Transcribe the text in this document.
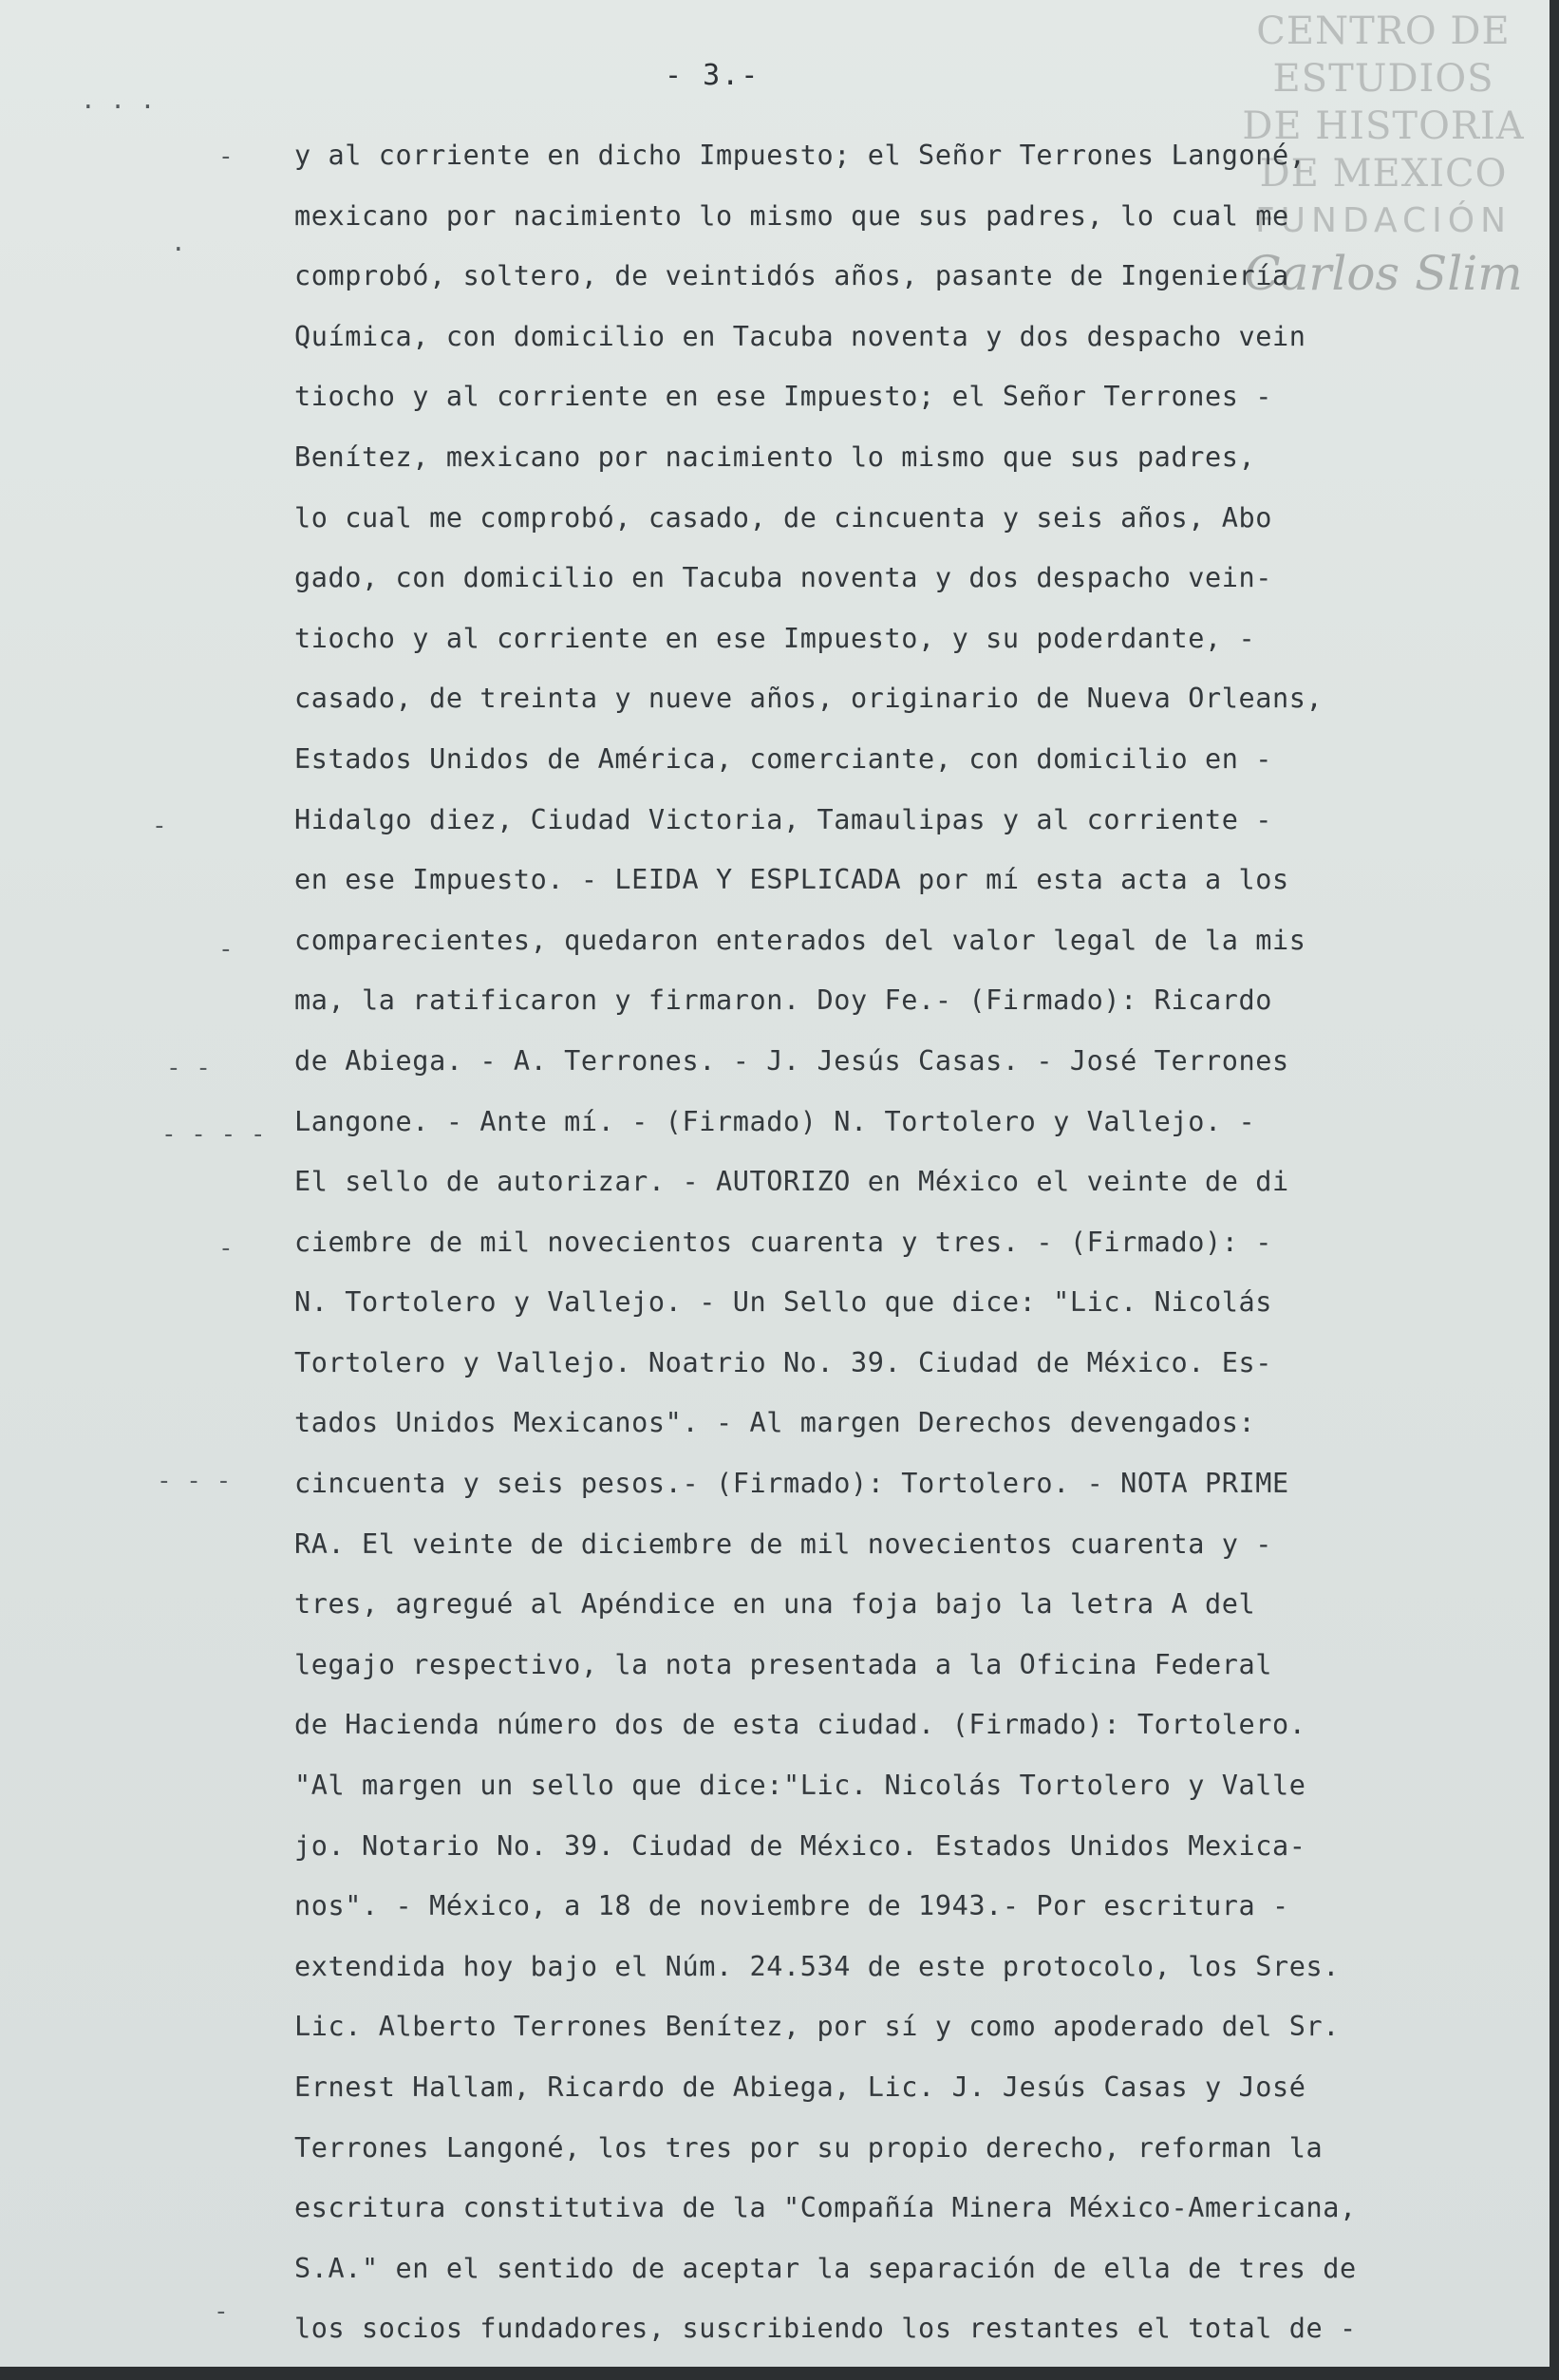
CENTRO DE
ESTUDIOS
DE HISTORIA
DE MEXICO
FUNDACIÓN
Carlos Slim
- 3.-
· · ·
-
·
-
-
- -
- - - -
-
- - -
-
y al corriente en dicho Impuesto; el Señor Terrones Langoné,
mexicano por nacimiento lo mismo que sus padres, lo cual me
comprobó, soltero, de veintidós años, pasante de Ingeniería
Química, con domicilio en Tacuba noventa y dos despacho vein
tiocho y al corriente en ese Impuesto; el Señor Terrones -
Benítez, mexicano por nacimiento lo mismo que sus padres,
lo cual me comprobó, casado, de cincuenta y seis años, Abo
gado, con domicilio en Tacuba noventa y dos despacho vein-
tiocho y al corriente en ese Impuesto, y su poderdante, -
casado, de treinta y nueve años, originario de Nueva Orleans,
Estados Unidos de América, comerciante, con domicilio en -
Hidalgo diez, Ciudad Victoria, Tamaulipas y al corriente -
en ese Impuesto. - LEIDA Y ESPLICADA por mí esta acta a los
comparecientes, quedaron enterados del valor legal de la mis
ma, la ratificaron y firmaron. Doy Fe.- (Firmado): Ricardo
de Abiega. - A. Terrones. - J. Jesús Casas. - José Terrones
Langone. - Ante mí. - (Firmado) N. Tortolero y Vallejo. -
El sello de autorizar. - AUTORIZO en México el veinte de di
ciembre de mil novecientos cuarenta y tres. - (Firmado): -
N. Tortolero y Vallejo. - Un Sello que dice: "Lic. Nicolás
Tortolero y Vallejo. Noatrio No. 39. Ciudad de México. Es-
tados Unidos Mexicanos". - Al margen Derechos devengados:
cincuenta y seis pesos.- (Firmado): Tortolero. - NOTA PRIME
RA. El veinte de diciembre de mil novecientos cuarenta y -
tres, agregué al Apéndice en una foja bajo la letra A del
legajo respectivo, la nota presentada a la Oficina Federal
de Hacienda número dos de esta ciudad. (Firmado): Tortolero.
"Al margen un sello que dice:"Lic. Nicolás Tortolero y Valle
jo. Notario No. 39. Ciudad de México. Estados Unidos Mexica-
nos". - México, a 18 de noviembre de 1943.- Por escritura -
extendida hoy bajo el Núm. 24.534 de este protocolo, los Sres.
Lic. Alberto Terrones Benítez, por sí y como apoderado del Sr.
Ernest Hallam, Ricardo de Abiega, Lic. J. Jesús Casas y José
Terrones Langoné, los tres por su propio derecho, reforman la
escritura constitutiva de la "Compañía Minera México-Americana,
S.A." en el sentido de aceptar la separación de ella de tres de
los socios fundadores, suscribiendo los restantes el total de -
